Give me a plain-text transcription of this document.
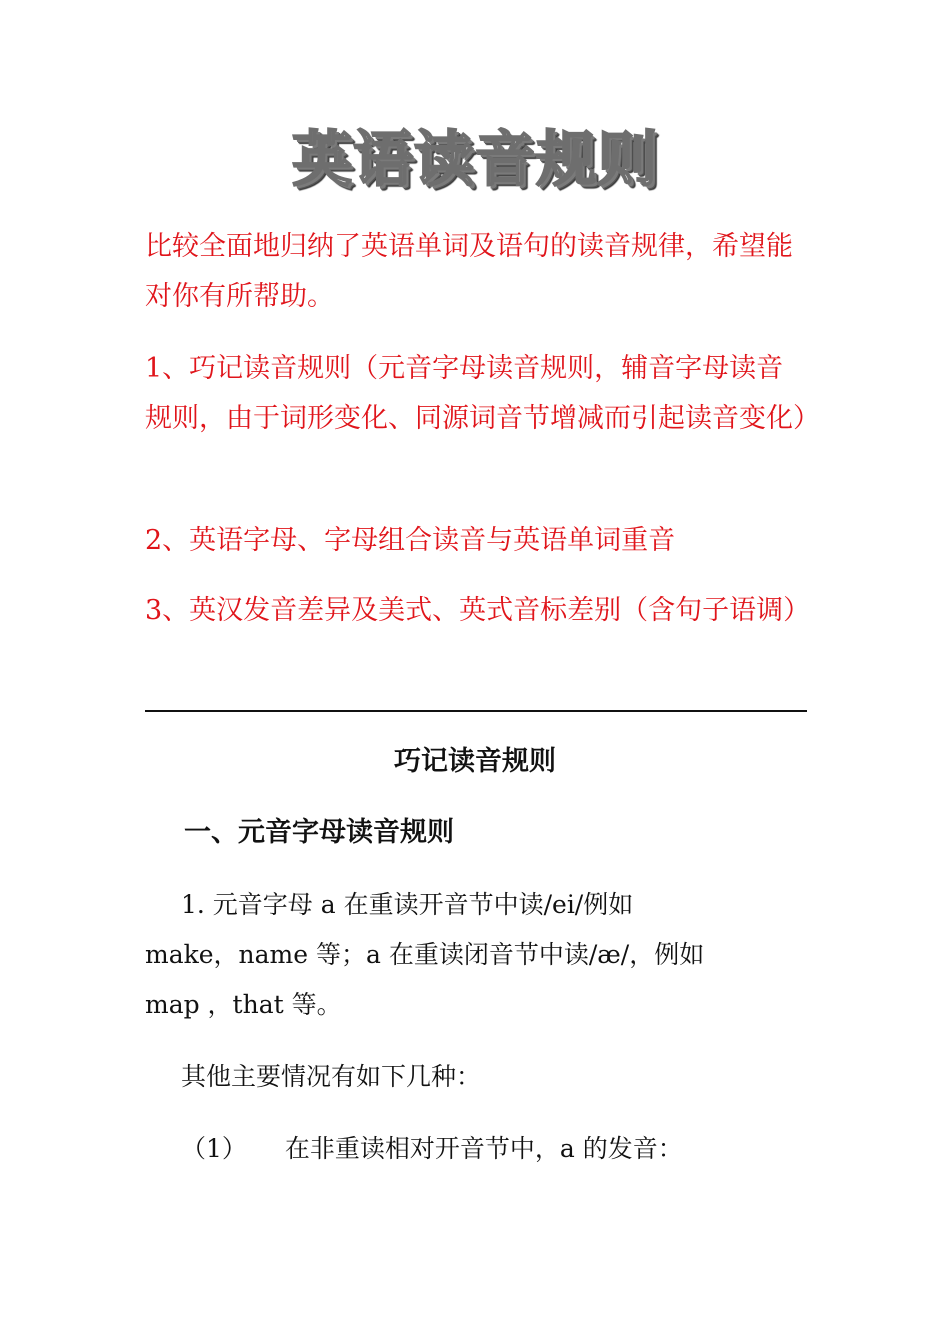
英语读音规则
比较全面地归纳了英语单词及语句的读音规律，希望能对你有所帮助。
1、巧记读音规则（元音字母读音规则，辅音字母读音规则，由于词形变化、同源词音节增减而引起读音变化）
2、英语字母、字母组合读音与英语单词重音
3、英汉发音差异及美式、英式音标差别（含句子语调）
巧记读音规则
一、元音字母读音规则
1. 元音字母 a 在重读开音节中读/ei/例如
make，name 等；a 在重读闭音节中读/æ/，例如
map ，that 等。
其他主要情况有如下几种：
（1） 在非重读相对开音节中，a 的发音：
